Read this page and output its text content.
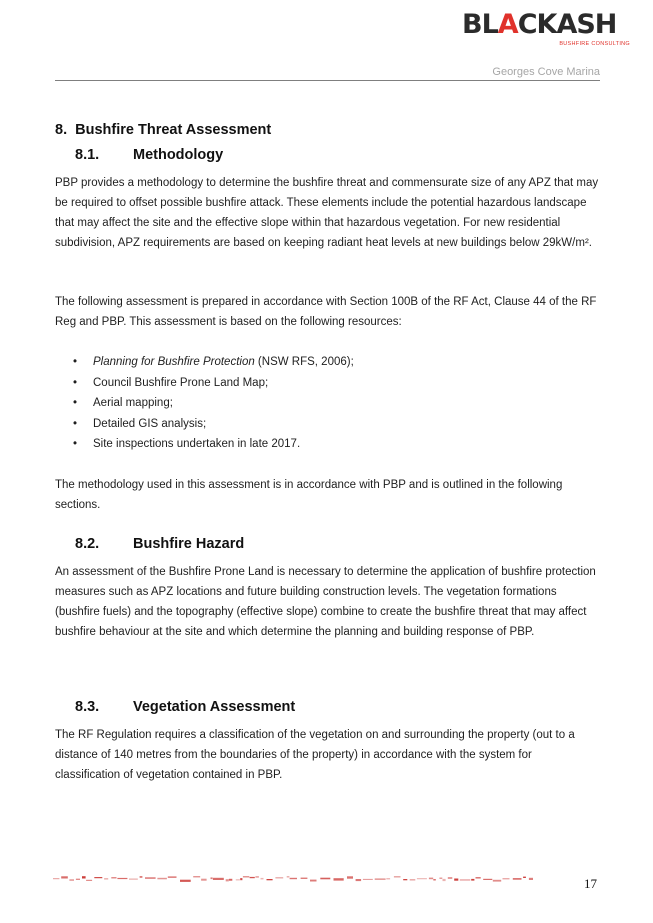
BLACKASH
BUSHFIRE CONSULTING
Georges Cove Marina
8. Bushfire Threat Assessment
8.1. Methodology

PBP provides a methodology to determine the bushfire threat and commensurate size of any APZ that may be required to offset possible bushfire attack. These elements include the potential hazardous landscape that may affect the site and the effective slope within that hazardous vegetation. For new residential subdivision, APZ requirements are based on keeping radiant heat levels at new buildings below 29kW/m².

The following assessment is prepared in accordance with Section 100B of the RF Act, Clause 44 of the RF Reg and PBP. This assessment is based on the following resources:

• Planning for Bushfire Protection (NSW RFS, 2006);
• Council Bushfire Prone Land Map;
• Aerial mapping;
• Detailed GIS analysis;
• Site inspections undertaken in late 2017.

The methodology used in this assessment is in accordance with PBP and is outlined in the following sections.

8.2. Bushfire Hazard

An assessment of the Bushfire Prone Land is necessary to determine the application of bushfire protection measures such as APZ locations and future building construction levels. The vegetation formations (bushfire fuels) and the topography (effective slope) combine to create the bushfire threat that may affect bushfire behaviour at the site and which determine the planning and building response of PBP.

8.3. Vegetation Assessment

The RF Regulation requires a classification of the vegetation on and surrounding the property (out to a distance of 140 metres from the boundaries of the property) in accordance with the system for classification of vegetation contained in PBP.

17
